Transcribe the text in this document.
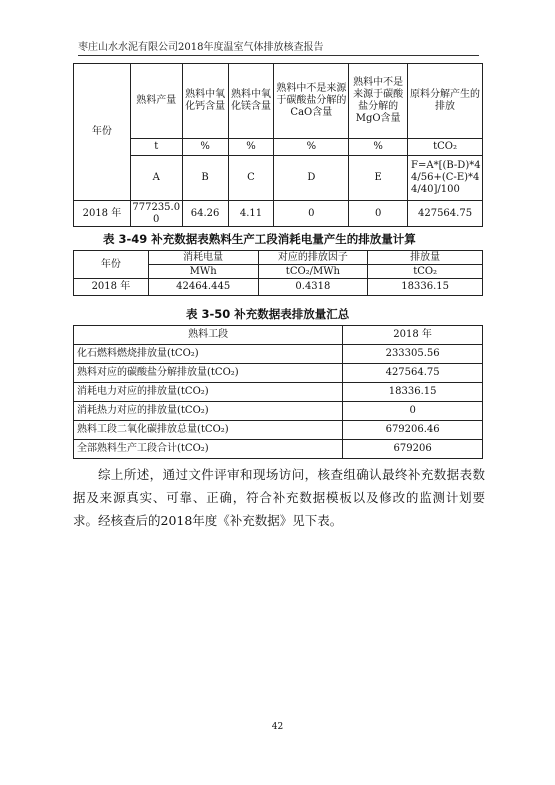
枣庄山水水泥有限公司2018年度温室气体排放核查报告
年份	熟料产量	熟料中氧化钙含量	熟料中氧化镁含量	熟料中不是来源于碳酸盐分解的CaO含量	熟料中不是来源于碳酸盐分解的MgO含量	原料分解产生的排放
	t	%	%	%	%	tCO₂
	A	B	C	D	E	F=A*[(B-D)*44/56+(C-E)*44/40]/100
2018 年	777235.00	64.26	4.11	0	0	427564.75
表 3-49 补充数据表熟料生产工段消耗电量产生的排放量计算
年份	消耗电量	对应的排放因子	排放量
	MWh	tCO₂/MWh	tCO₂
2018 年	42464.445	0.4318	18336.15
表 3-50 补充数据表排放量汇总
熟料工段	2018 年
化石燃料燃烧排放量(tCO₂)	233305.56
熟料对应的碳酸盐分解排放量(tCO₂)	427564.75
消耗电力对应的排放量(tCO₂)	18336.15
消耗热力对应的排放量(tCO₂)	0
熟料工段二氧化碳排放总量(tCO₂)	679206.46
全部熟料生产工段合计(tCO₂)	679206

综上所述，通过文件评审和现场访问，核查组确认最终补充数据表数据及来源真实、可靠、正确，符合补充数据模板以及修改的监测计划要求。经核查后的2018年度《补充数据》见下表。

42
